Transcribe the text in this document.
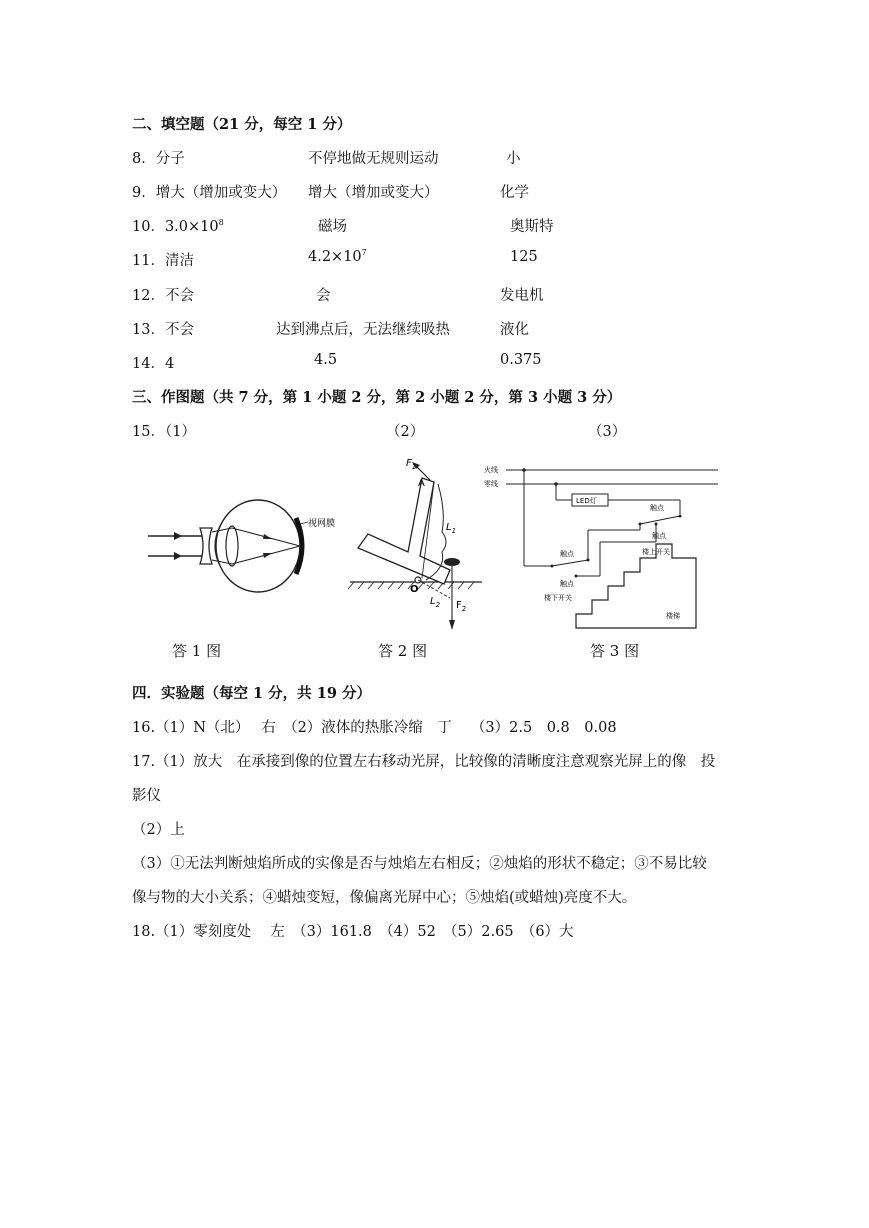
二、填空题（21 分，每空 1 分）
8．分子	不停地做无规则运动	小
9．增大（增加或变大） 增大（增加或变大）	化学
10．$3.0\times 10^8$	磁场	奥斯特
11．清洁	$4.2\times 10^7$	125
12．不会	会	发电机
13．不会	达到沸点后，无法继续吸热	液化
14．4	4.5	0.375
三、作图题（共 7 分，第 1 小题 2 分，第 2 小题 2 分，第 3 小题 3 分）
15．（1）	（2）	（3）
视网膜
答 1 图
O
$F_2$
$L_2$
$F_1$
A
$L_1$
答 2 图
火线
零线
LED灯
触点
触点
楼上开关
触点
触点
楼下开关
楼梯
答 3 图
四．实验题（每空 1 分，共 19 分）
16.（1）N（北）　 右　（2）液体的热胀冷缩　丁　 （3）2.5　0.8　0.08
17.（1）放大　在承接到像的位置左右移动光屏，比较像的清晰度注意观察光屏上的像　投
影仪
（2）上
（3）①无法判断烛焰所成的实像是否与烛焰左右相反；②烛焰的形状不稳定；③不易比较
像与物的大小关系；④蜡烛变短，像偏离光屏中心；⑤烛焰(或蜡烛)亮度不大。
18.（1）零刻度处　 左　（3）161.8　（4）52　（5）2.65　（6）大
